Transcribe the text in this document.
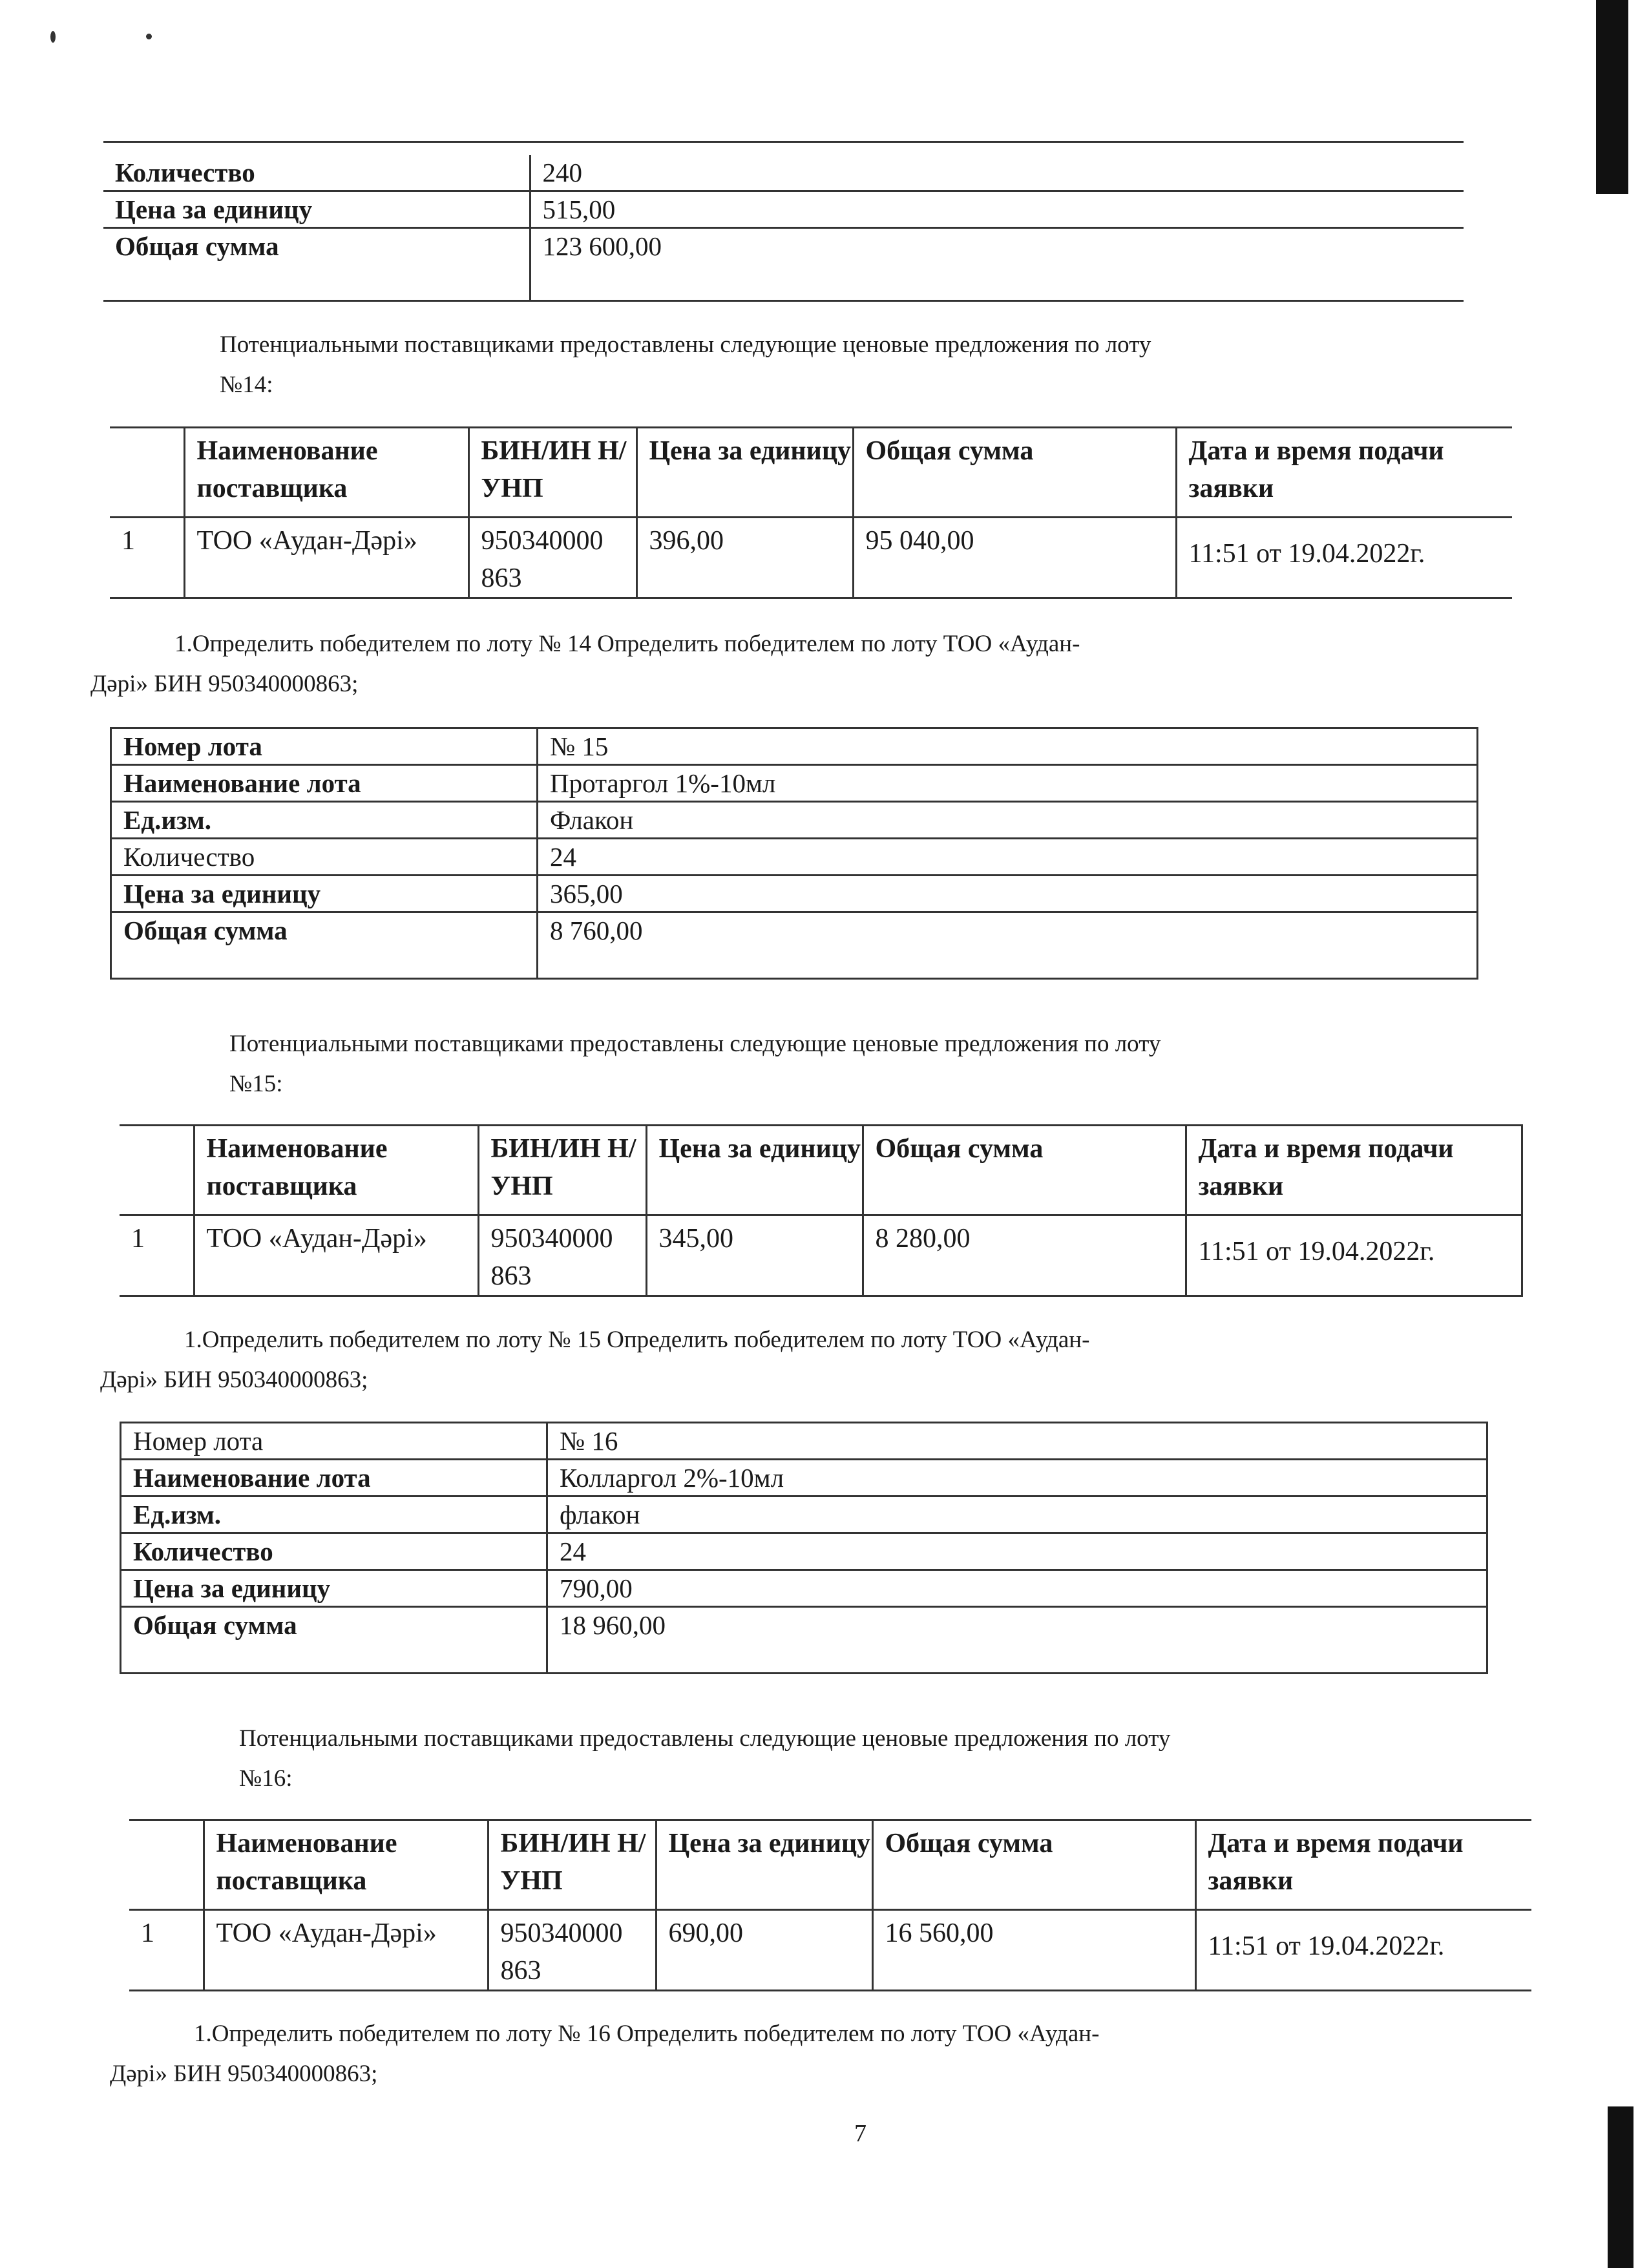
Количество	240
Цена за единицу	515,00
Общая сумма	123 600,00
Потенциальными поставщиками предоставлены следующие ценовые предложения по лоту
№14:
	Наименование поставщика	БИН/ИН Н/УНП	Цена за единицу	Общая сумма	Дата и время подачи заявки
1	ТОО «Аудан-Дәрі»	950340000 863	396,00	95 040,00	11:51 от 19.04.2022г.
1.Определить победителем по лоту № 14 Определить победителем по лоту ТОО «Аудан-
Дәрі» БИН 950340000863;
Номер лота	№ 15
Наименование лота	Протаргол 1%-10мл
Ед.изм.	Флакон
Количество	24
Цена за единицу	365,00
Общая сумма	8 760,00
Потенциальными поставщиками предоставлены следующие ценовые предложения по лоту
№15:
	Наименование поставщика	БИН/ИН Н/УНП	Цена за единицу	Общая сумма	Дата и время подачи заявки
1	ТОО «Аудан-Дәрі»	950340000 863	345,00	8 280,00	11:51 от 19.04.2022г.
1.Определить победителем по лоту № 15 Определить победителем по лоту ТОО «Аудан-
Дәрі» БИН 950340000863;
Номер лота	№ 16
Наименование лота	Колларгол 2%-10мл
Ед.изм.	флакон
Количество	24
Цена за единицу	790,00
Общая сумма	18 960,00
Потенциальными поставщиками предоставлены следующие ценовые предложения по лоту
№16:
	Наименование поставщика	БИН/ИН Н/УНП	Цена за единицу	Общая сумма	Дата и время подачи заявки
1	ТОО «Аудан-Дәрі»	950340000 863	690,00	16 560,00	11:51 от 19.04.2022г.
1.Определить победителем по лоту № 16 Определить победителем по лоту ТОО «Аудан-
Дәрі» БИН 950340000863;
7
